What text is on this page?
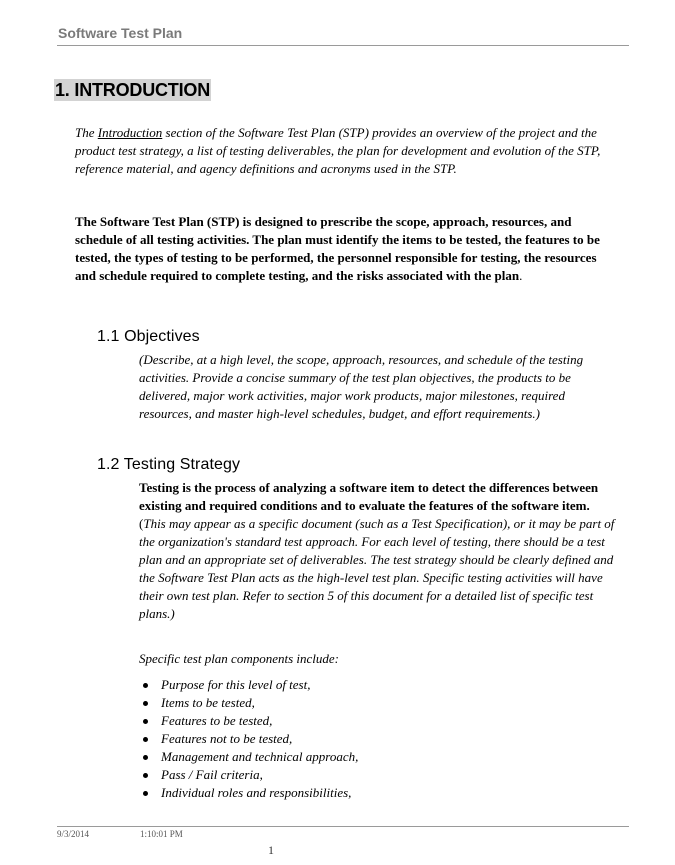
Software Test Plan
1. INTRODUCTION
The Introduction section of the Software Test Plan (STP) provides an overview of the project and the product test strategy, a list of testing deliverables, the plan for development and evolution of the STP, reference material, and agency definitions and acronyms used in the STP.
The Software Test Plan (STP) is designed to prescribe the scope, approach, resources, and schedule of all testing activities. The plan must identify the items to be tested, the features to be tested, the types of testing to be performed, the personnel responsible for testing, the resources and schedule required to complete testing, and the risks associated with the plan.
1.1 Objectives
(Describe, at a high level, the scope, approach, resources, and schedule of the testing activities. Provide a concise summary of the test plan objectives, the products to be delivered, major work activities, major work products, major milestones, required resources, and master high-level schedules, budget, and effort requirements.)
1.2 Testing Strategy
Testing is the process of analyzing a software item to detect the differences between existing and required conditions and to evaluate the features of the software item. (This may appear as a specific document (such as a Test Specification), or it may be part of the organization's standard test approach. For each level of testing, there should be a test plan and an appropriate set of deliverables. The test strategy should be clearly defined and the Software Test Plan acts as the high-level test plan. Specific testing activities will have their own test plan. Refer to section 5 of this document for a detailed list of specific test plans.)
Specific test plan components include:
Purpose for this level of test,
Items to be tested,
Features to be tested,
Features not to be tested,
Management and technical approach,
Pass / Fail criteria,
Individual roles and responsibilities,
9/3/2014	1:10:01 PM
1
